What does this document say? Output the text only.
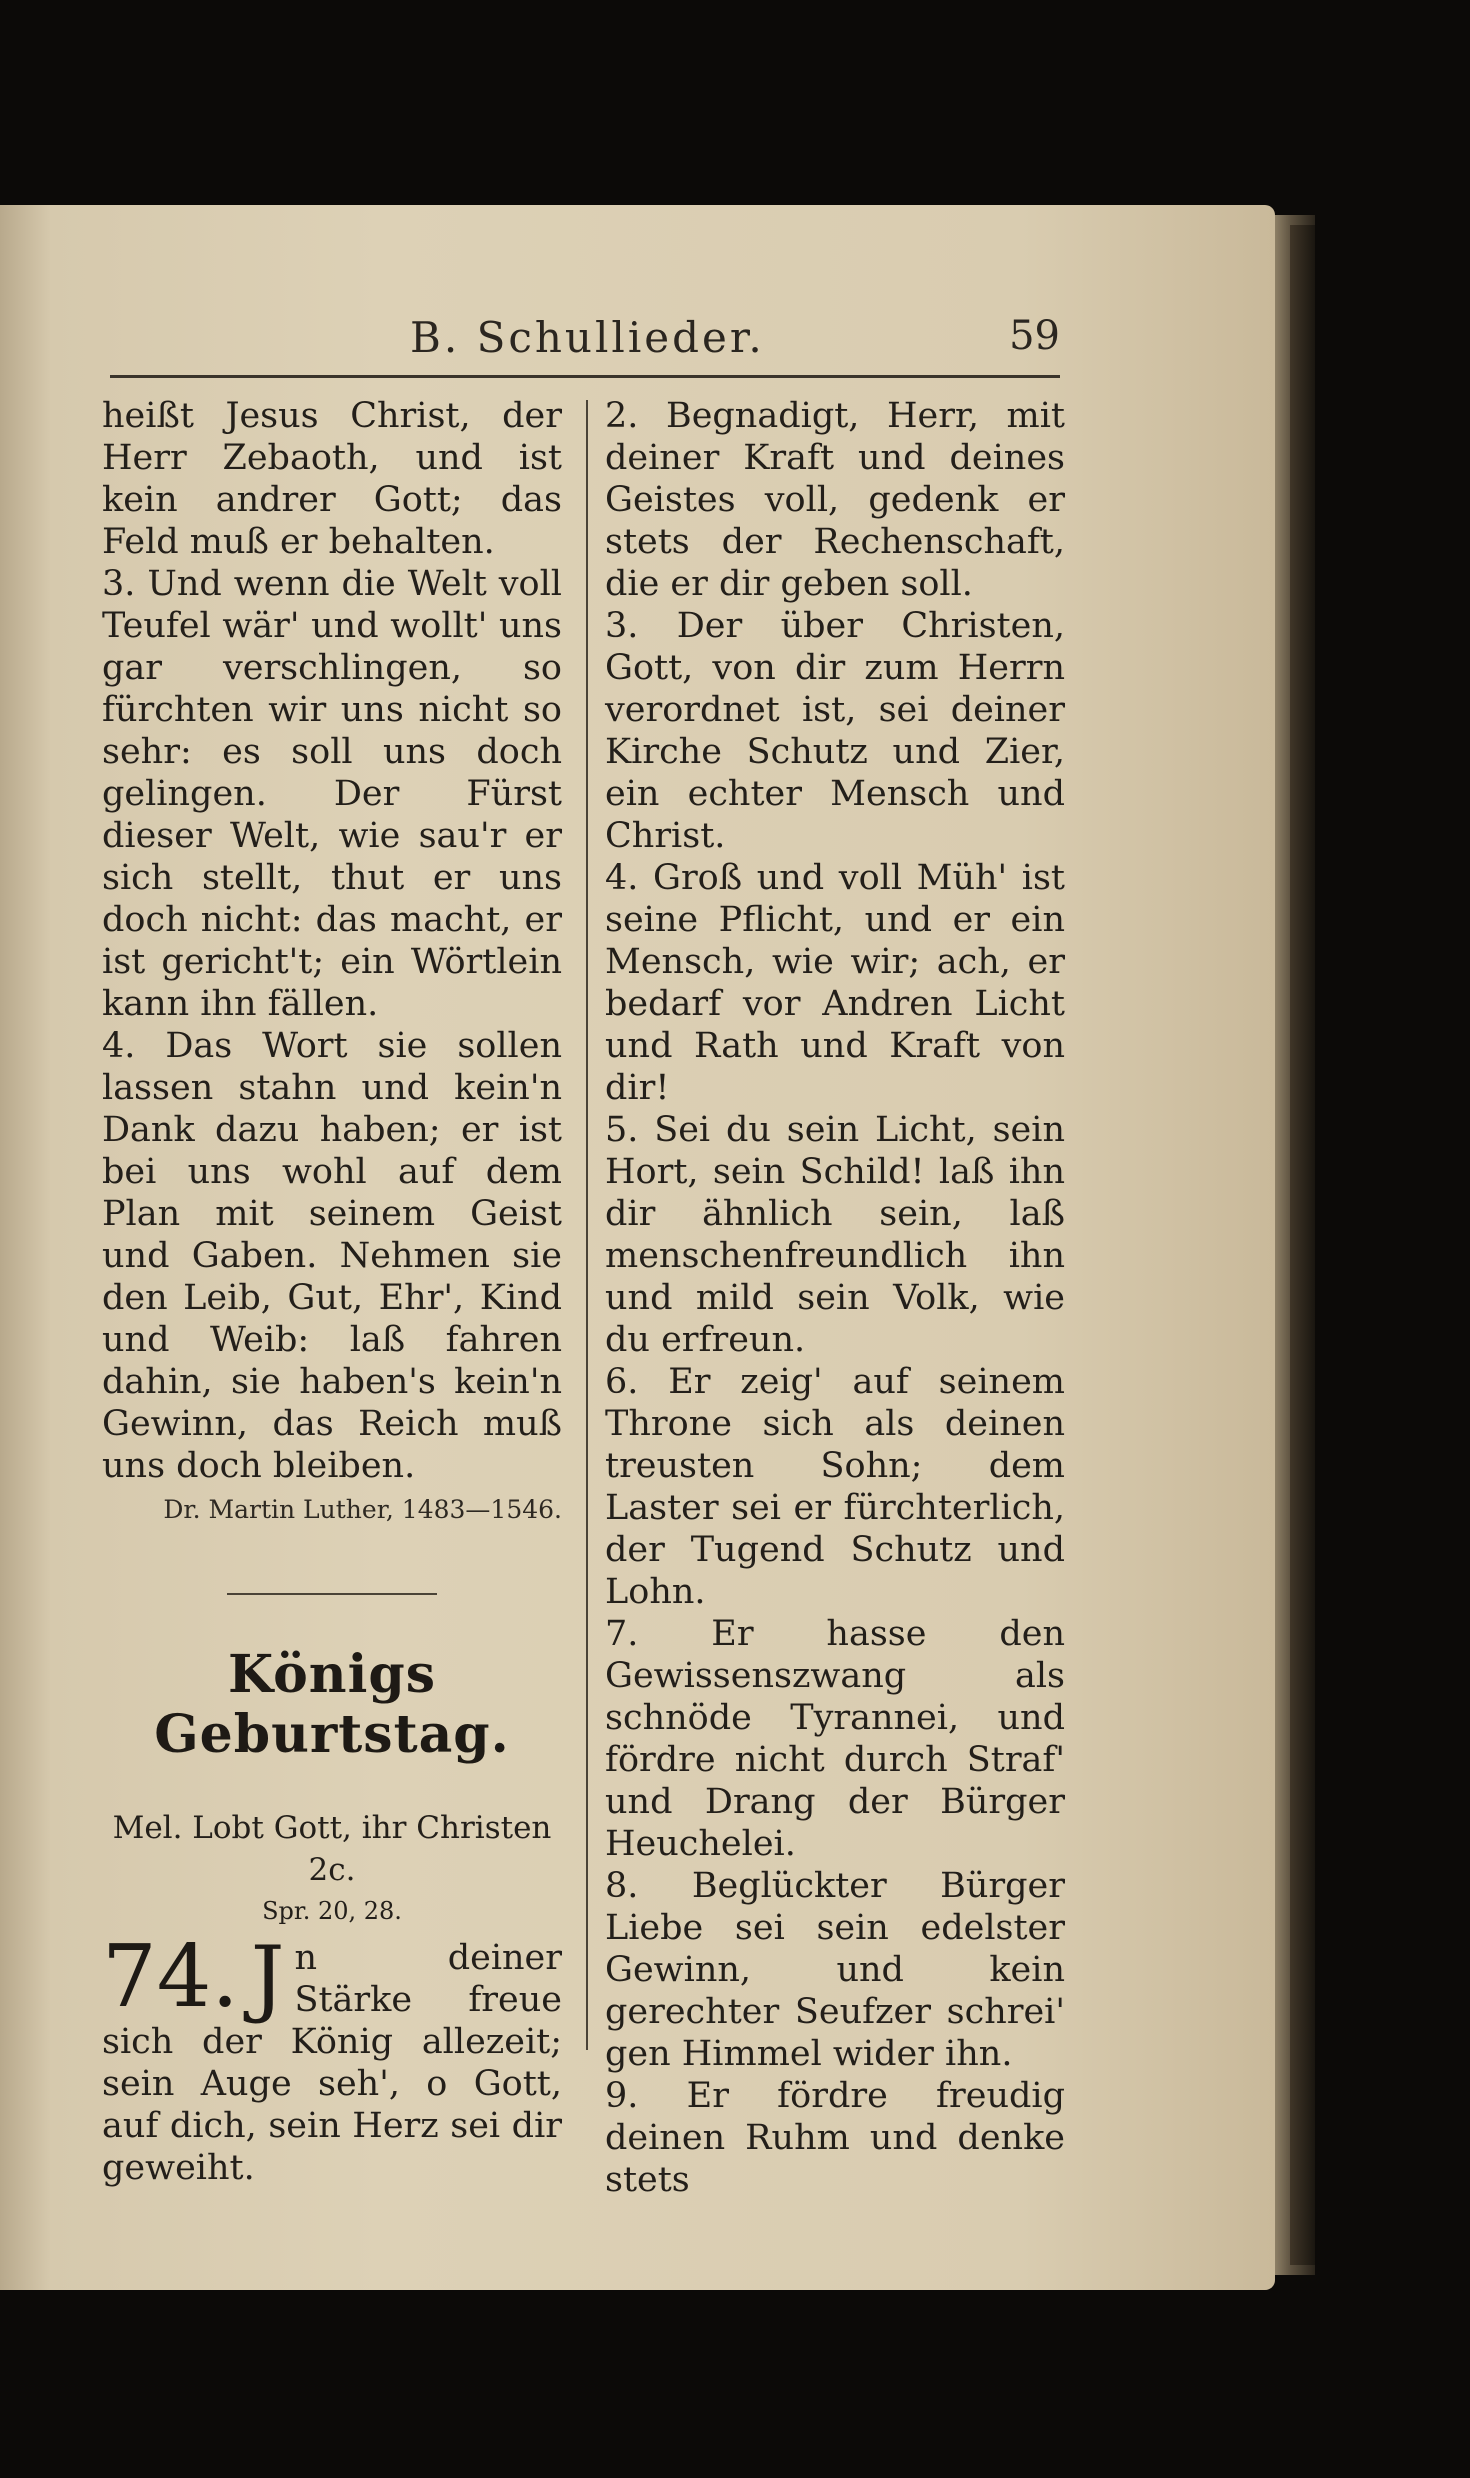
B. Schullieder.	59

heißt Jesus Christ, der Herr Zebaoth, und ist kein andrer Gott; das Feld muß er behalten.

3. Und wenn die Welt voll Teufel wär' und wollt' uns gar verschlingen, so fürchten wir uns nicht so sehr: es soll uns doch gelingen. Der Fürst dieser Welt, wie sau'r er sich stellt, thut er uns doch nicht: das macht, er ist gericht't; ein Wörtlein kann ihn fällen.

4. Das Wort sie sollen lassen stahn und kein'n Dank dazu haben; er ist bei uns wohl auf dem Plan mit seinem Geist und Gaben. Nehmen sie den Leib, Gut, Ehr', Kind und Weib: laß fahren dahin, sie haben's kein'n Gewinn, das Reich muß uns doch bleiben.

Dr. Martin Luther, 1483—1546.
Königs Geburtstag.
Mel. Lobt Gott, ihr Christen 2c.
Spr. 20, 28.
74. J n deiner Stärke freue sich der König allezeit; sein Auge seh', o Gott, auf dich, sein Herz sei dir geweiht.

2. Begnadigt, Herr, mit deiner Kraft und deines Geistes voll, gedenk er stets der Rechenschaft, die er dir geben soll.

3. Der über Christen, Gott, von dir zum Herrn verordnet ist, sei deiner Kirche Schutz und Zier, ein echter Mensch und Christ.

4. Groß und voll Müh' ist seine Pflicht, und er ein Mensch, wie wir; ach, er bedarf vor Andren Licht und Rath und Kraft von dir!

5. Sei du sein Licht, sein Hort, sein Schild! laß ihn dir ähnlich sein, laß menschenfreundlich ihn und mild sein Volk, wie du erfreun.

6. Er zeig' auf seinem Throne sich als deinen treusten Sohn; dem Laster sei er fürchterlich, der Tugend Schutz und Lohn.

7. Er hasse den Gewissenszwang als schnöde Tyrannei, und fördre nicht durch Straf' und Drang der Bürger Heuchelei.

8. Beglückter Bürger Liebe sei sein edelster Gewinn, und kein gerechter Seufzer schrei' gen Himmel wider ihn.

9. Er fördre freudig deinen Ruhm und denke stets
